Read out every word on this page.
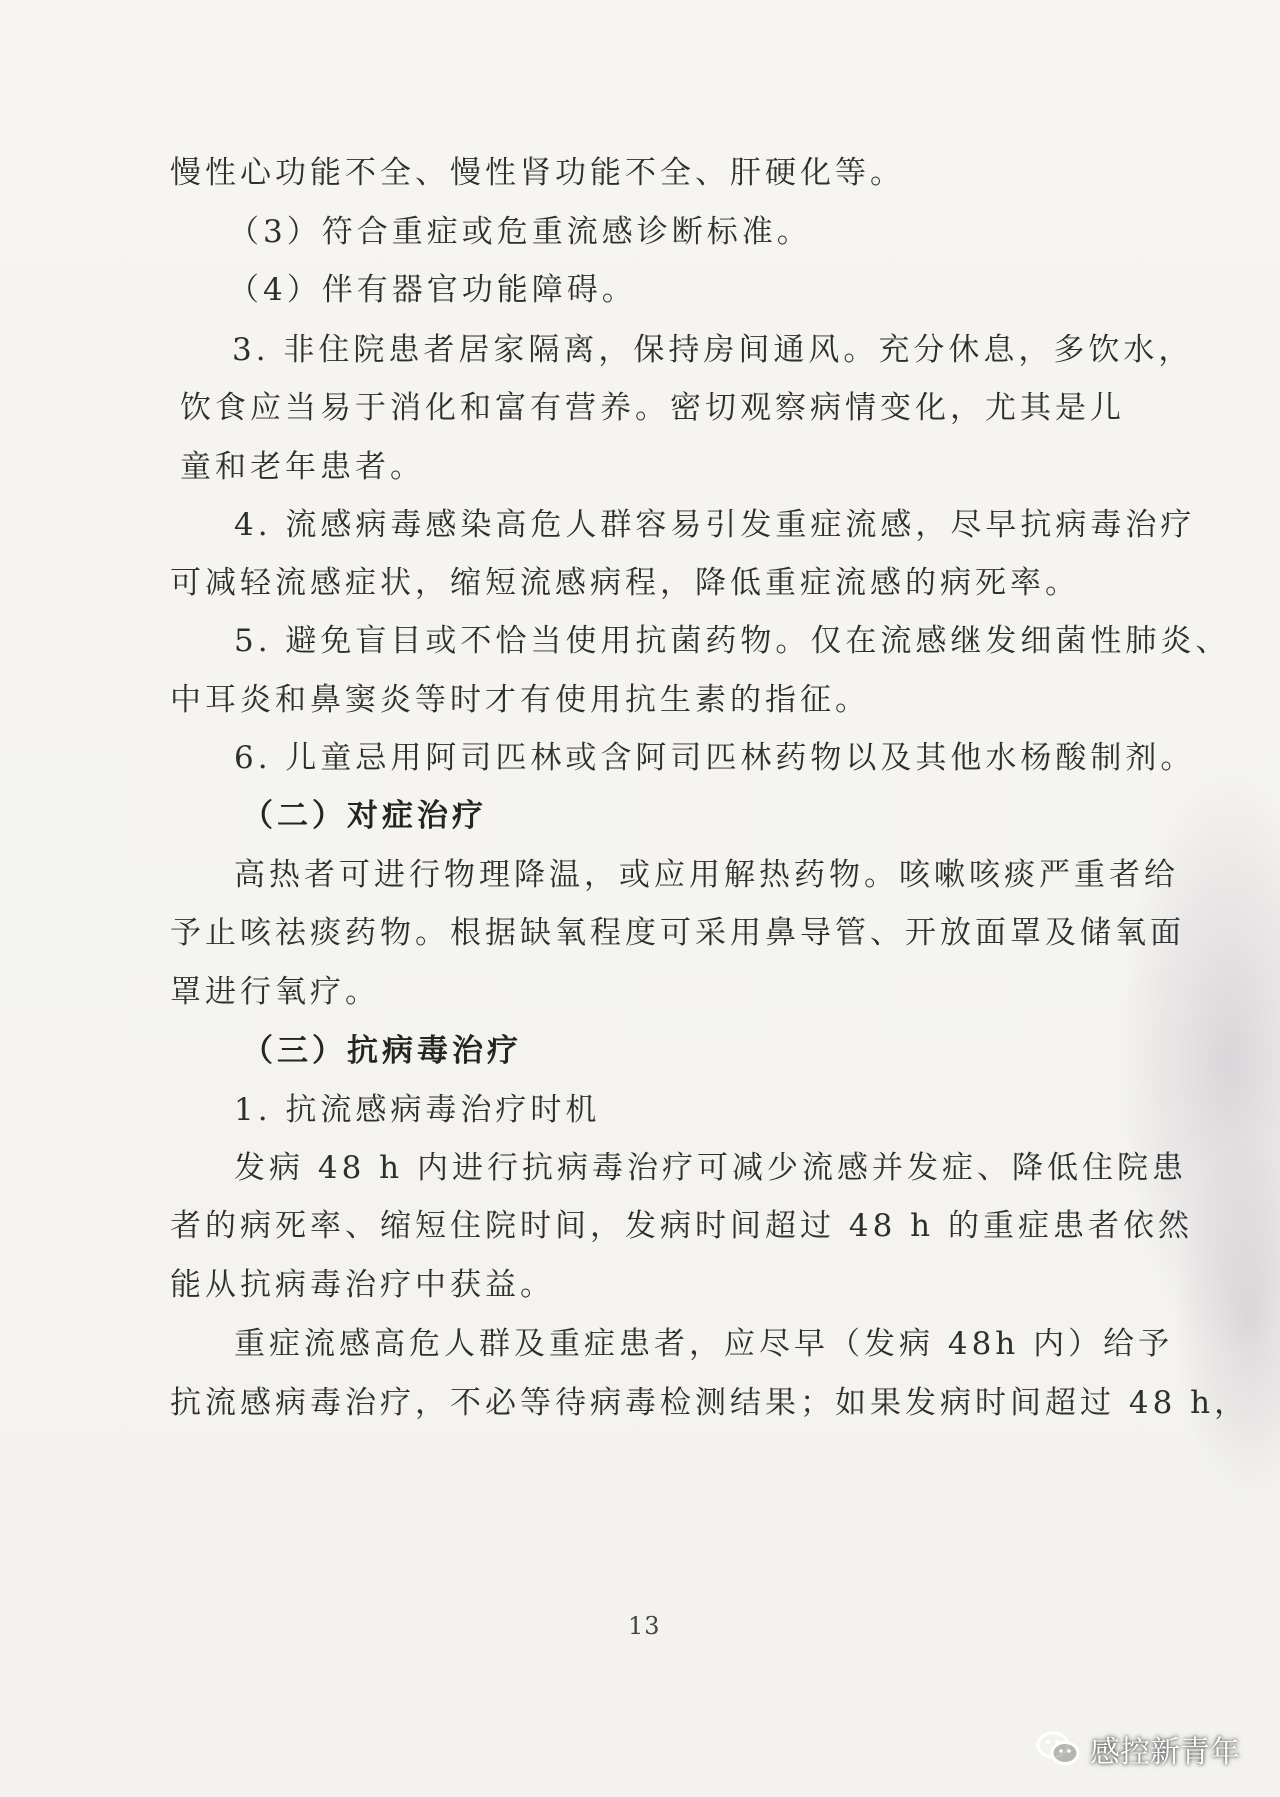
慢性心功能不全、慢性肾功能不全、肝硬化等。
（3）符合重症或危重流感诊断标准。
（4）伴有器官功能障碍。
3. 非住院患者居家隔离，保持房间通风。充分休息，多饮水，
饮食应当易于消化和富有营养。密切观察病情变化，尤其是儿
童和老年患者。
4. 流感病毒感染高危人群容易引发重症流感，尽早抗病毒治疗
可减轻流感症状，缩短流感病程，降低重症流感的病死率。
5. 避免盲目或不恰当使用抗菌药物。仅在流感继发细菌性肺炎、
中耳炎和鼻窦炎等时才有使用抗生素的指征。
6. 儿童忌用阿司匹林或含阿司匹林药物以及其他水杨酸制剂。
（二）对症治疗
高热者可进行物理降温，或应用解热药物。咳嗽咳痰严重者给
予止咳祛痰药物。根据缺氧程度可采用鼻导管、开放面罩及储氧面
罩进行氧疗。
（三）抗病毒治疗
1. 抗流感病毒治疗时机
发病 48 h 内进行抗病毒治疗可减少流感并发症、降低住院患
者的病死率、缩短住院时间，发病时间超过 48 h 的重症患者依然
能从抗病毒治疗中获益。
重症流感高危人群及重症患者，应尽早（发病 48h 内）给予
抗流感病毒治疗，不必等待病毒检测结果；如果发病时间超过 48 h，
13
感控新青年
